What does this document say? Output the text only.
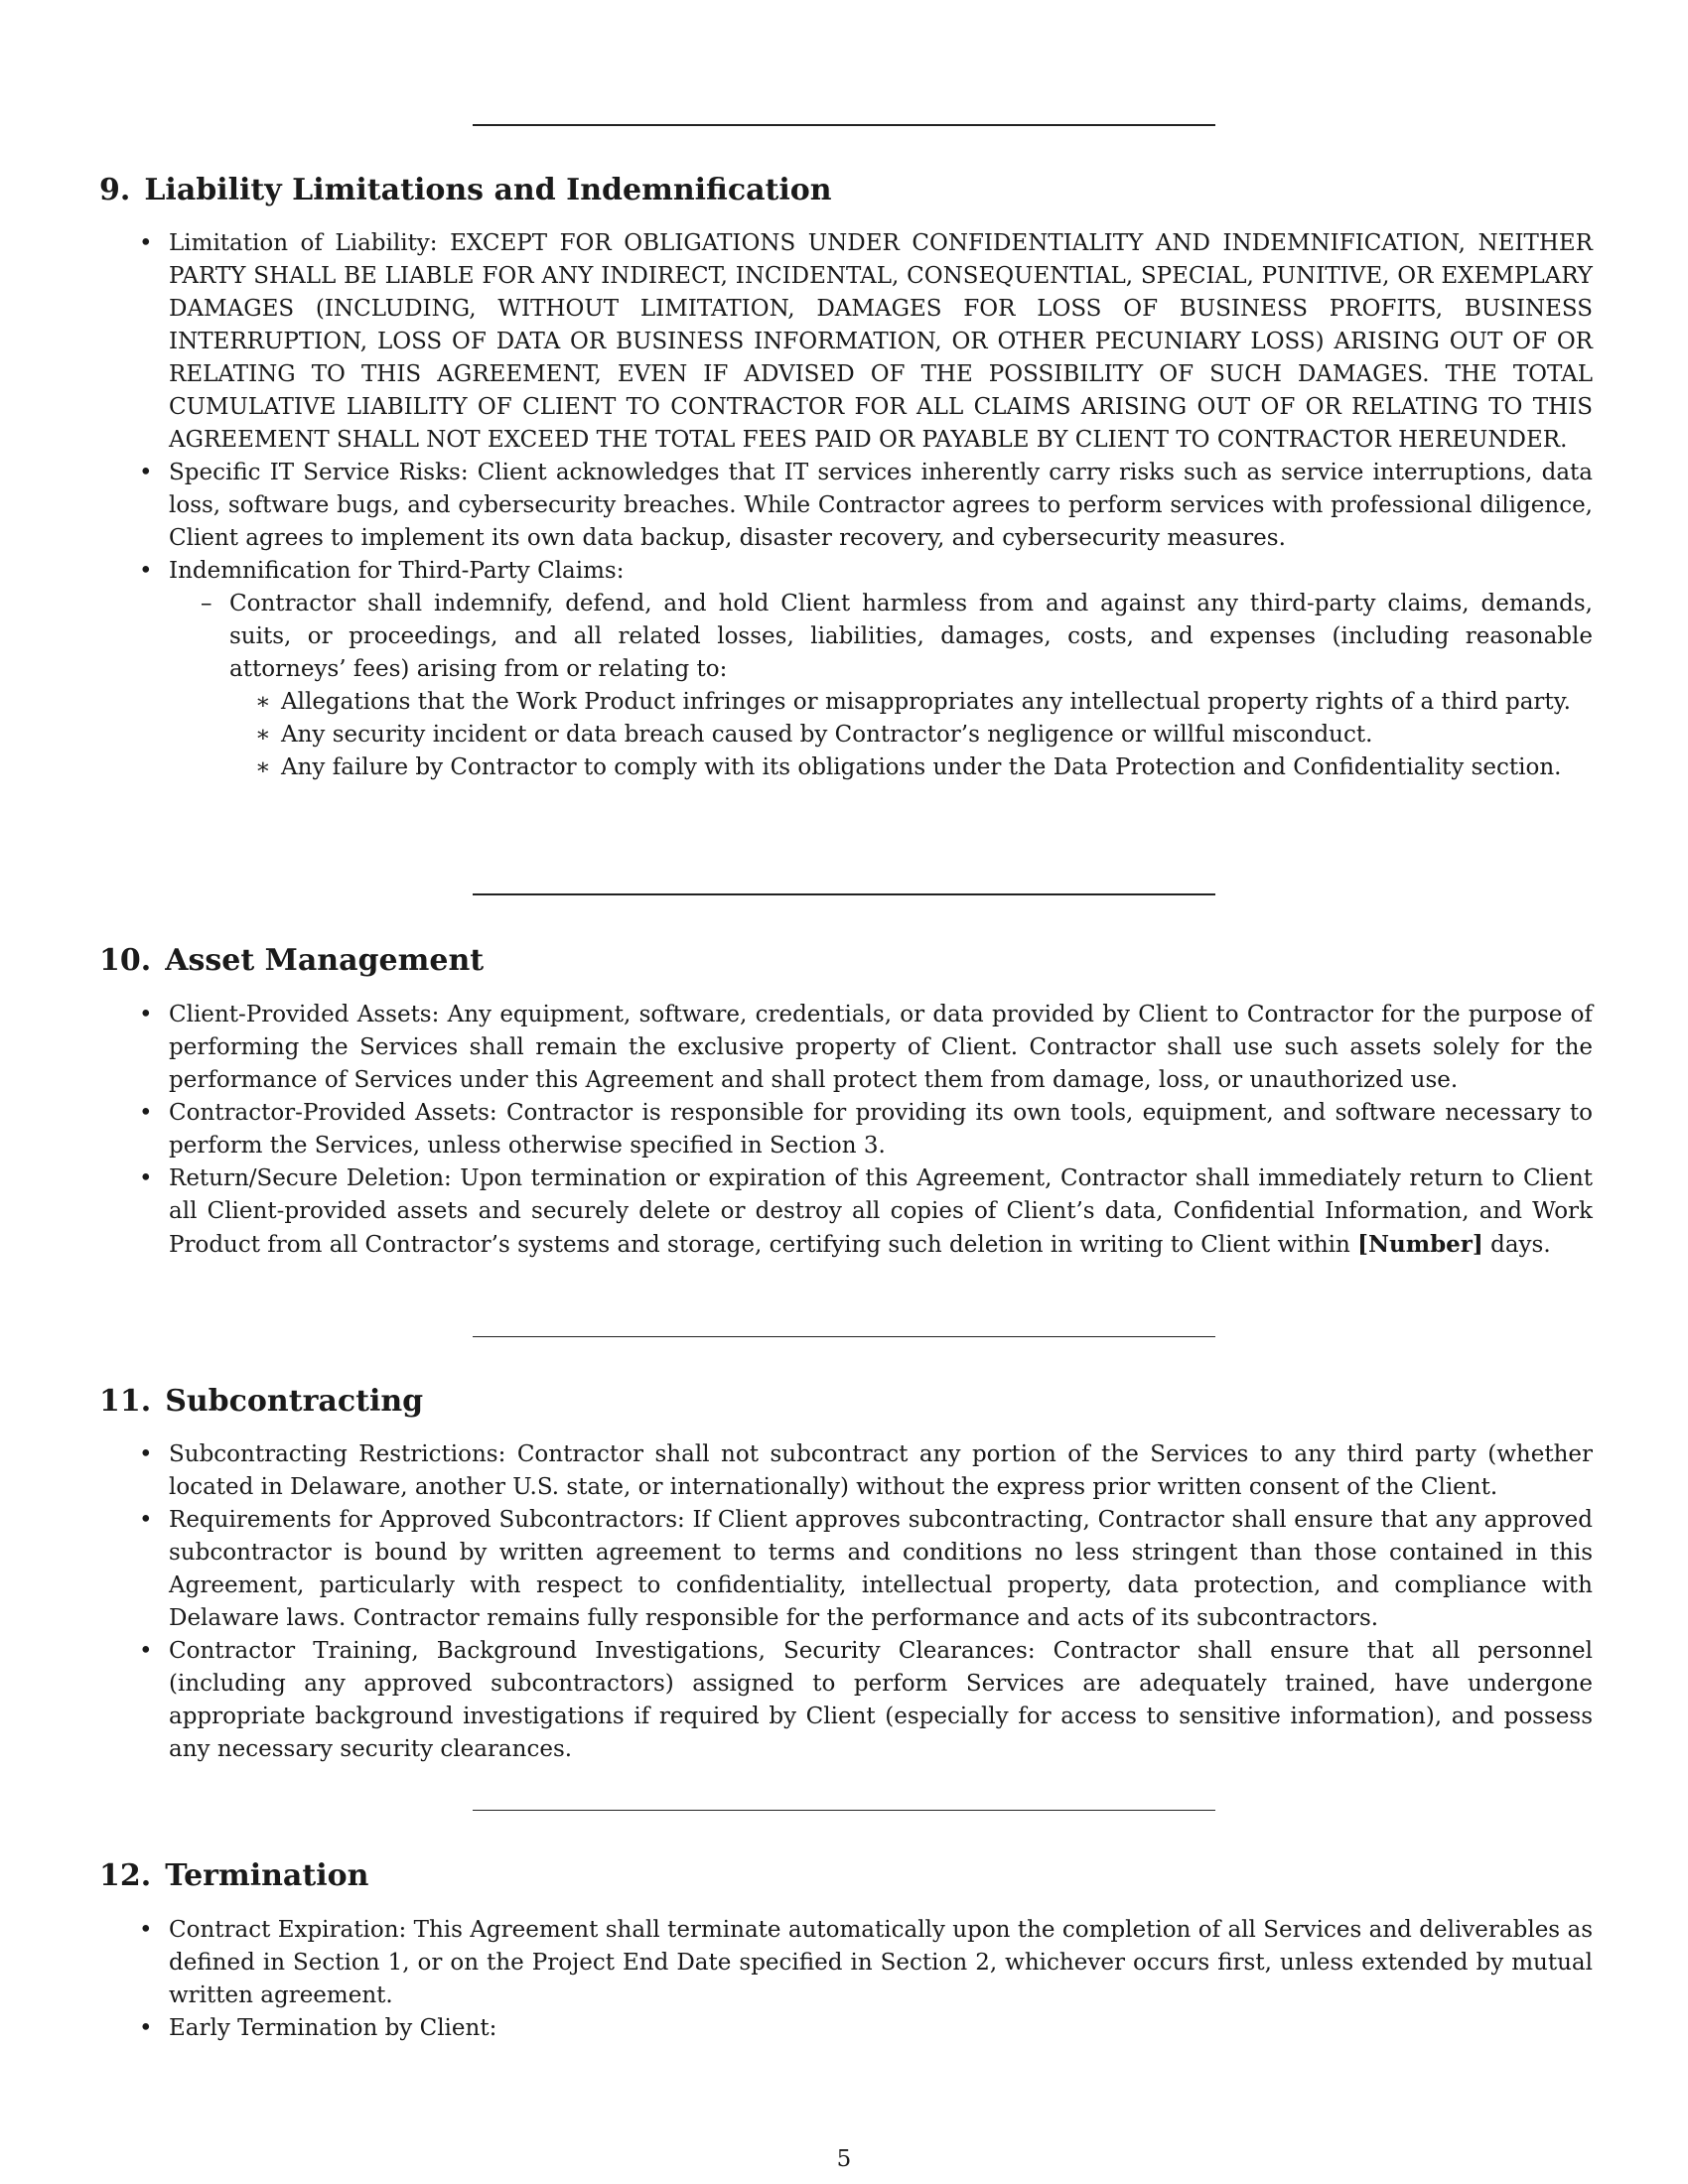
9. Liability Limitations and Indemnification
• Limitation of Liability: EXCEPT FOR OBLIGATIONS UNDER CONFIDENTIALITY AND INDEMNIFICATION, NEITHER PARTY SHALL BE LIABLE FOR ANY INDIRECT, INCIDENTAL, CONSEQUENTIAL, SPECIAL, PUNITIVE, OR EXEMPLARY DAMAGES (INCLUDING, WITHOUT LIMITATION, DAMAGES FOR LOSS OF BUSINESS PROFITS, BUSINESS INTERRUPTION, LOSS OF DATA OR BUSINESS INFORMATION, OR OTHER PECUNIARY LOSS) ARISING OUT OF OR RELATING TO THIS AGREEMENT, EVEN IF ADVISED OF THE POSSIBILITY OF SUCH DAMAGES. THE TOTAL CUMULATIVE LIABILITY OF CLIENT TO CONTRACTOR FOR ALL CLAIMS ARISING OUT OF OR RELATING TO THIS AGREEMENT SHALL NOT EXCEED THE TOTAL FEES PAID OR PAYABLE BY CLIENT TO CONTRACTOR HEREUNDER.
• Specific IT Service Risks: Client acknowledges that IT services inherently carry risks such as service interruptions, data loss, software bugs, and cybersecurity breaches. While Contractor agrees to perform services with professional diligence, Client agrees to implement its own data backup, disaster recovery, and cybersecurity measures.
• Indemnification for Third-Party Claims:
– Contractor shall indemnify, defend, and hold Client harmless from and against any third-party claims, demands, suits, or proceedings, and all related losses, liabilities, damages, costs, and expenses (including reasonable attorneys’ fees) arising from or relating to:
∗ Allegations that the Work Product infringes or misappropriates any intellectual property rights of a third party.
∗ Any security incident or data breach caused by Contractor’s negligence or willful misconduct.
∗ Any failure by Contractor to comply with its obligations under the Data Protection and Confidentiality section.
10. Asset Management
• Client-Provided Assets: Any equipment, software, credentials, or data provided by Client to Contractor for the purpose of performing the Services shall remain the exclusive property of Client. Contractor shall use such assets solely for the performance of Services under this Agreement and shall protect them from damage, loss, or unauthorized use.
• Contractor-Provided Assets: Contractor is responsible for providing its own tools, equipment, and software necessary to perform the Services, unless otherwise specified in Section 3.
• Return/Secure Deletion: Upon termination or expiration of this Agreement, Contractor shall immediately return to Client all Client-provided assets and securely delete or destroy all copies of Client’s data, Confidential Information, and Work Product from all Contractor’s systems and storage, certifying such deletion in writing to Client within [Number] days.
11. Subcontracting
• Subcontracting Restrictions: Contractor shall not subcontract any portion of the Services to any third party (whether located in Delaware, another U.S. state, or internationally) without the express prior written consent of the Client.
• Requirements for Approved Subcontractors: If Client approves subcontracting, Contractor shall ensure that any approved subcontractor is bound by written agreement to terms and conditions no less stringent than those contained in this Agreement, particularly with respect to confidentiality, intellectual property, data protection, and compliance with Delaware laws. Contractor remains fully responsible for the performance and acts of its subcontractors.
• Contractor Training, Background Investigations, Security Clearances: Contractor shall ensure that all personnel (including any approved subcontractors) assigned to perform Services are adequately trained, have undergone appropriate background investigations if required by Client (especially for access to sensitive information), and possess any necessary security clearances.
12. Termination
• Contract Expiration: This Agreement shall terminate automatically upon the completion of all Services and deliverables as defined in Section 1, or on the Project End Date specified in Section 2, whichever occurs first, unless extended by mutual written agreement.
• Early Termination by Client:
5
